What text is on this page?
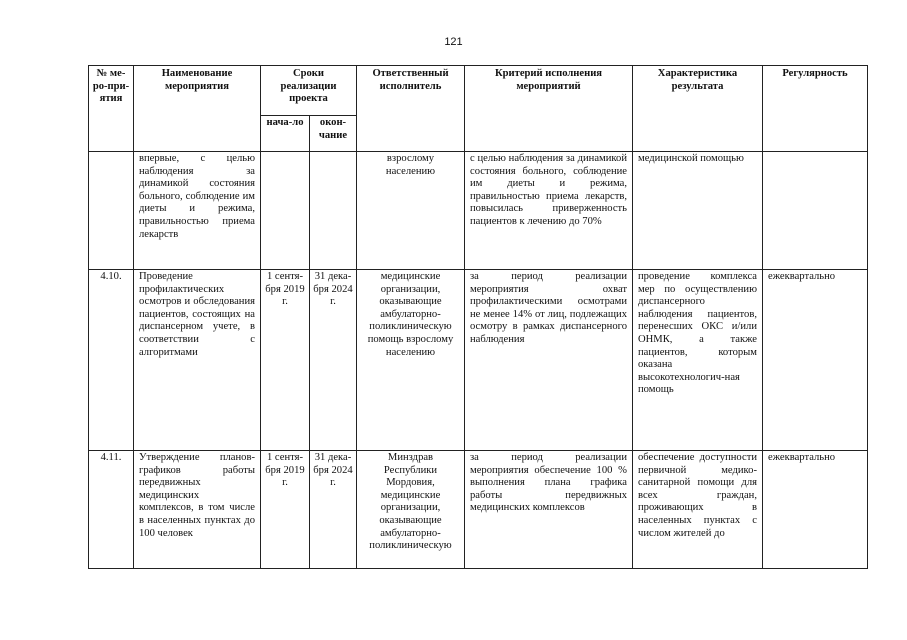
121
№ ме-ро-при-ятия	Наименование мероприятия	Сроки реализации проекта		Ответственный исполнитель	Критерий исполнения мероприятий	Характеристика результата	Регулярность
		нача-ло	окон-чание				
	впервые, с целью наблюдения за динамикой состояния больного, соблюдение им диеты и режима, правильностью приема лекарств			взрослому населению	с целью наблюдения за динамикой состояния больного, соблюдение им диеты и режима, правильностью приема лекарств, повысилась приверженность пациентов к лечению до 70%	медицинской помощью	
4.10.	Проведение профилактических осмотров и обследования пациентов, состоящих на диспансерном учете, в соответствии с алгоритмами	1 сентя-бря 2019 г.	31 дека-бря 2024 г.	медицинские организации, оказывающие амбулаторно-поликлиническую помощь взрослому населению	за период реализации мероприятия охват профилактическими осмотрами не менее 14% от лиц, подлежащих осмотру в рамках диспансерного наблюдения	проведение комплекса мер по осуществлению диспансерного наблюдения пациентов, перенесших ОКС и/или ОНМК, а также пациентов, которым оказана высокотехнологич-ная помощь	ежеквартально
4.11.	Утверждение планов-графиков работы передвижных медицинских комплексов, в том числе в населенных пунктах до 100 человек	1 сентя-бря 2019 г.	31 дека-бря 2024 г.	Минздрав Республики Мордовия, медицинские организации, оказывающие амбулаторно-поликлиническую	за период реализации мероприятия обеспечение 100 % выполнения плана графика работы передвижных медицинских комплексов	обеспечение доступности первичной медико-санитарной помощи для всех граждан, проживающих в населенных пунктах с числом жителей до	ежеквартально
